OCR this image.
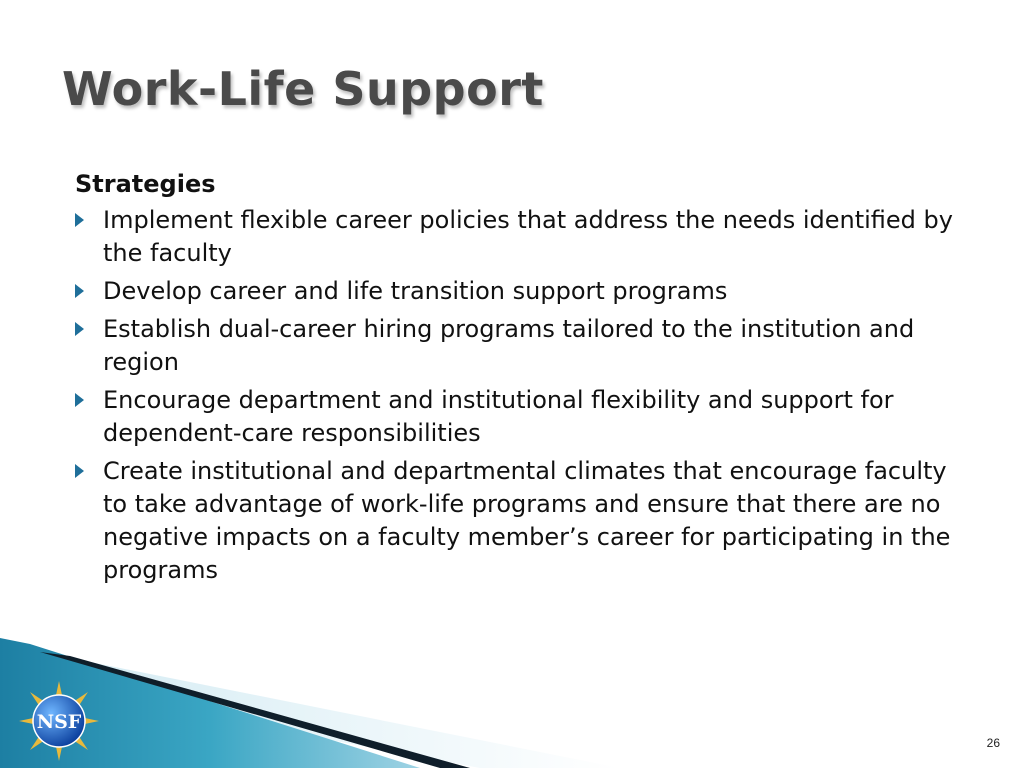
Work-Life Support
Strategies
Implement flexible career policies that address the needs identified by the faculty
Develop career and life transition support programs
Establish dual-career hiring programs tailored to the institution and region
Encourage department and institutional flexibility and support for dependent-care responsibilities
Create institutional and departmental climates that encourage faculty to take advantage of work-life programs and ensure that there are no negative impacts on a faculty member’s career for participating in the programs
NSF
26
